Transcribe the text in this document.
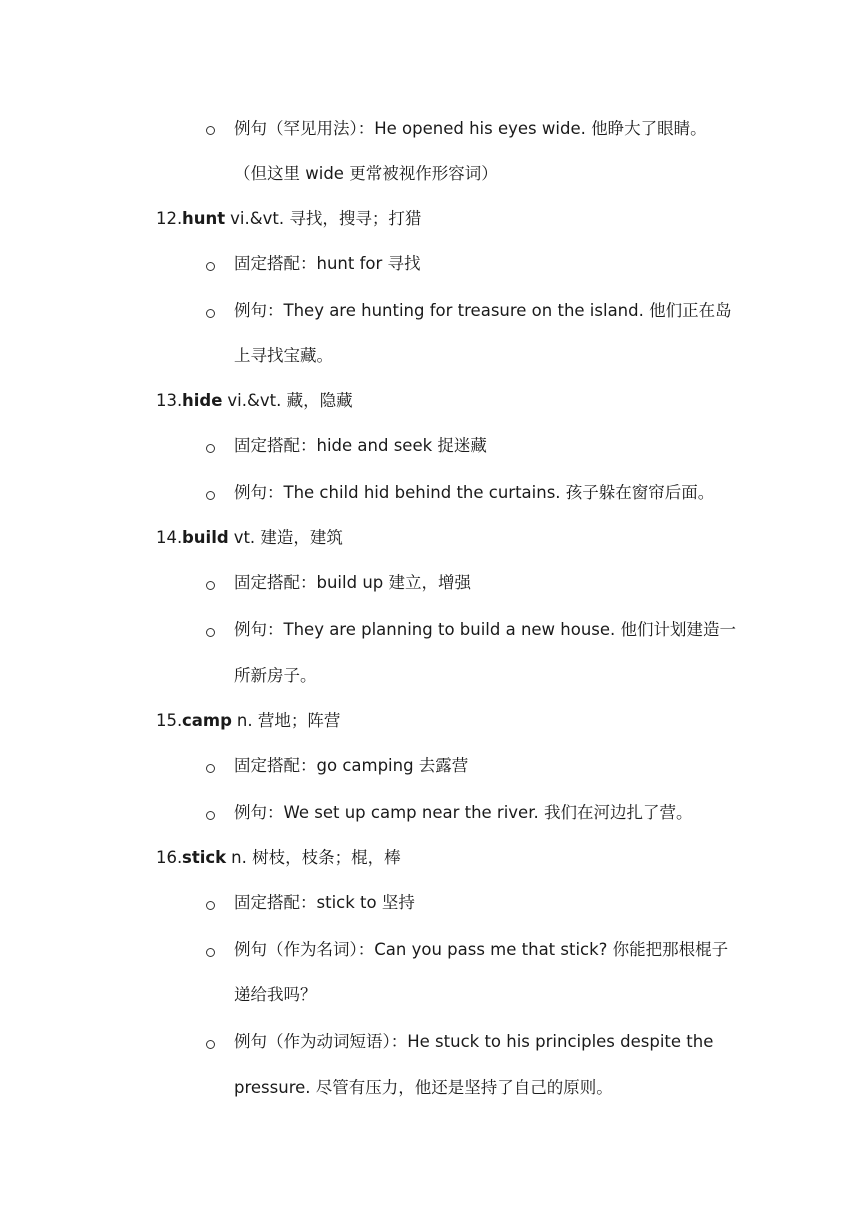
例句（罕见用法）：He opened his eyes wide. 他睁大了眼睛。
（但这里 wide 更常被视作形容词）
12.hunt vi.&vt. 寻找，搜寻；打猎
固定搭配：hunt for 寻找
例句：They are hunting for treasure on the island. 他们正在岛
上寻找宝藏。
13.hide vi.&vt. 藏，隐藏
固定搭配：hide and seek 捉迷藏
例句：The child hid behind the curtains. 孩子躲在窗帘后面。
14.build vt. 建造，建筑
固定搭配：build up 建立，增强
例句：They are planning to build a new house. 他们计划建造一
所新房子。
15.camp n. 营地；阵营
固定搭配：go camping 去露营
例句：We set up camp near the river. 我们在河边扎了营。
16.stick n. 树枝，枝条；棍，棒
固定搭配：stick to 坚持
例句（作为名词）：Can you pass me that stick? 你能把那根棍子
递给我吗？
例句（作为动词短语）：He stuck to his principles despite the
pressure. 尽管有压力，他还是坚持了自己的原则。
